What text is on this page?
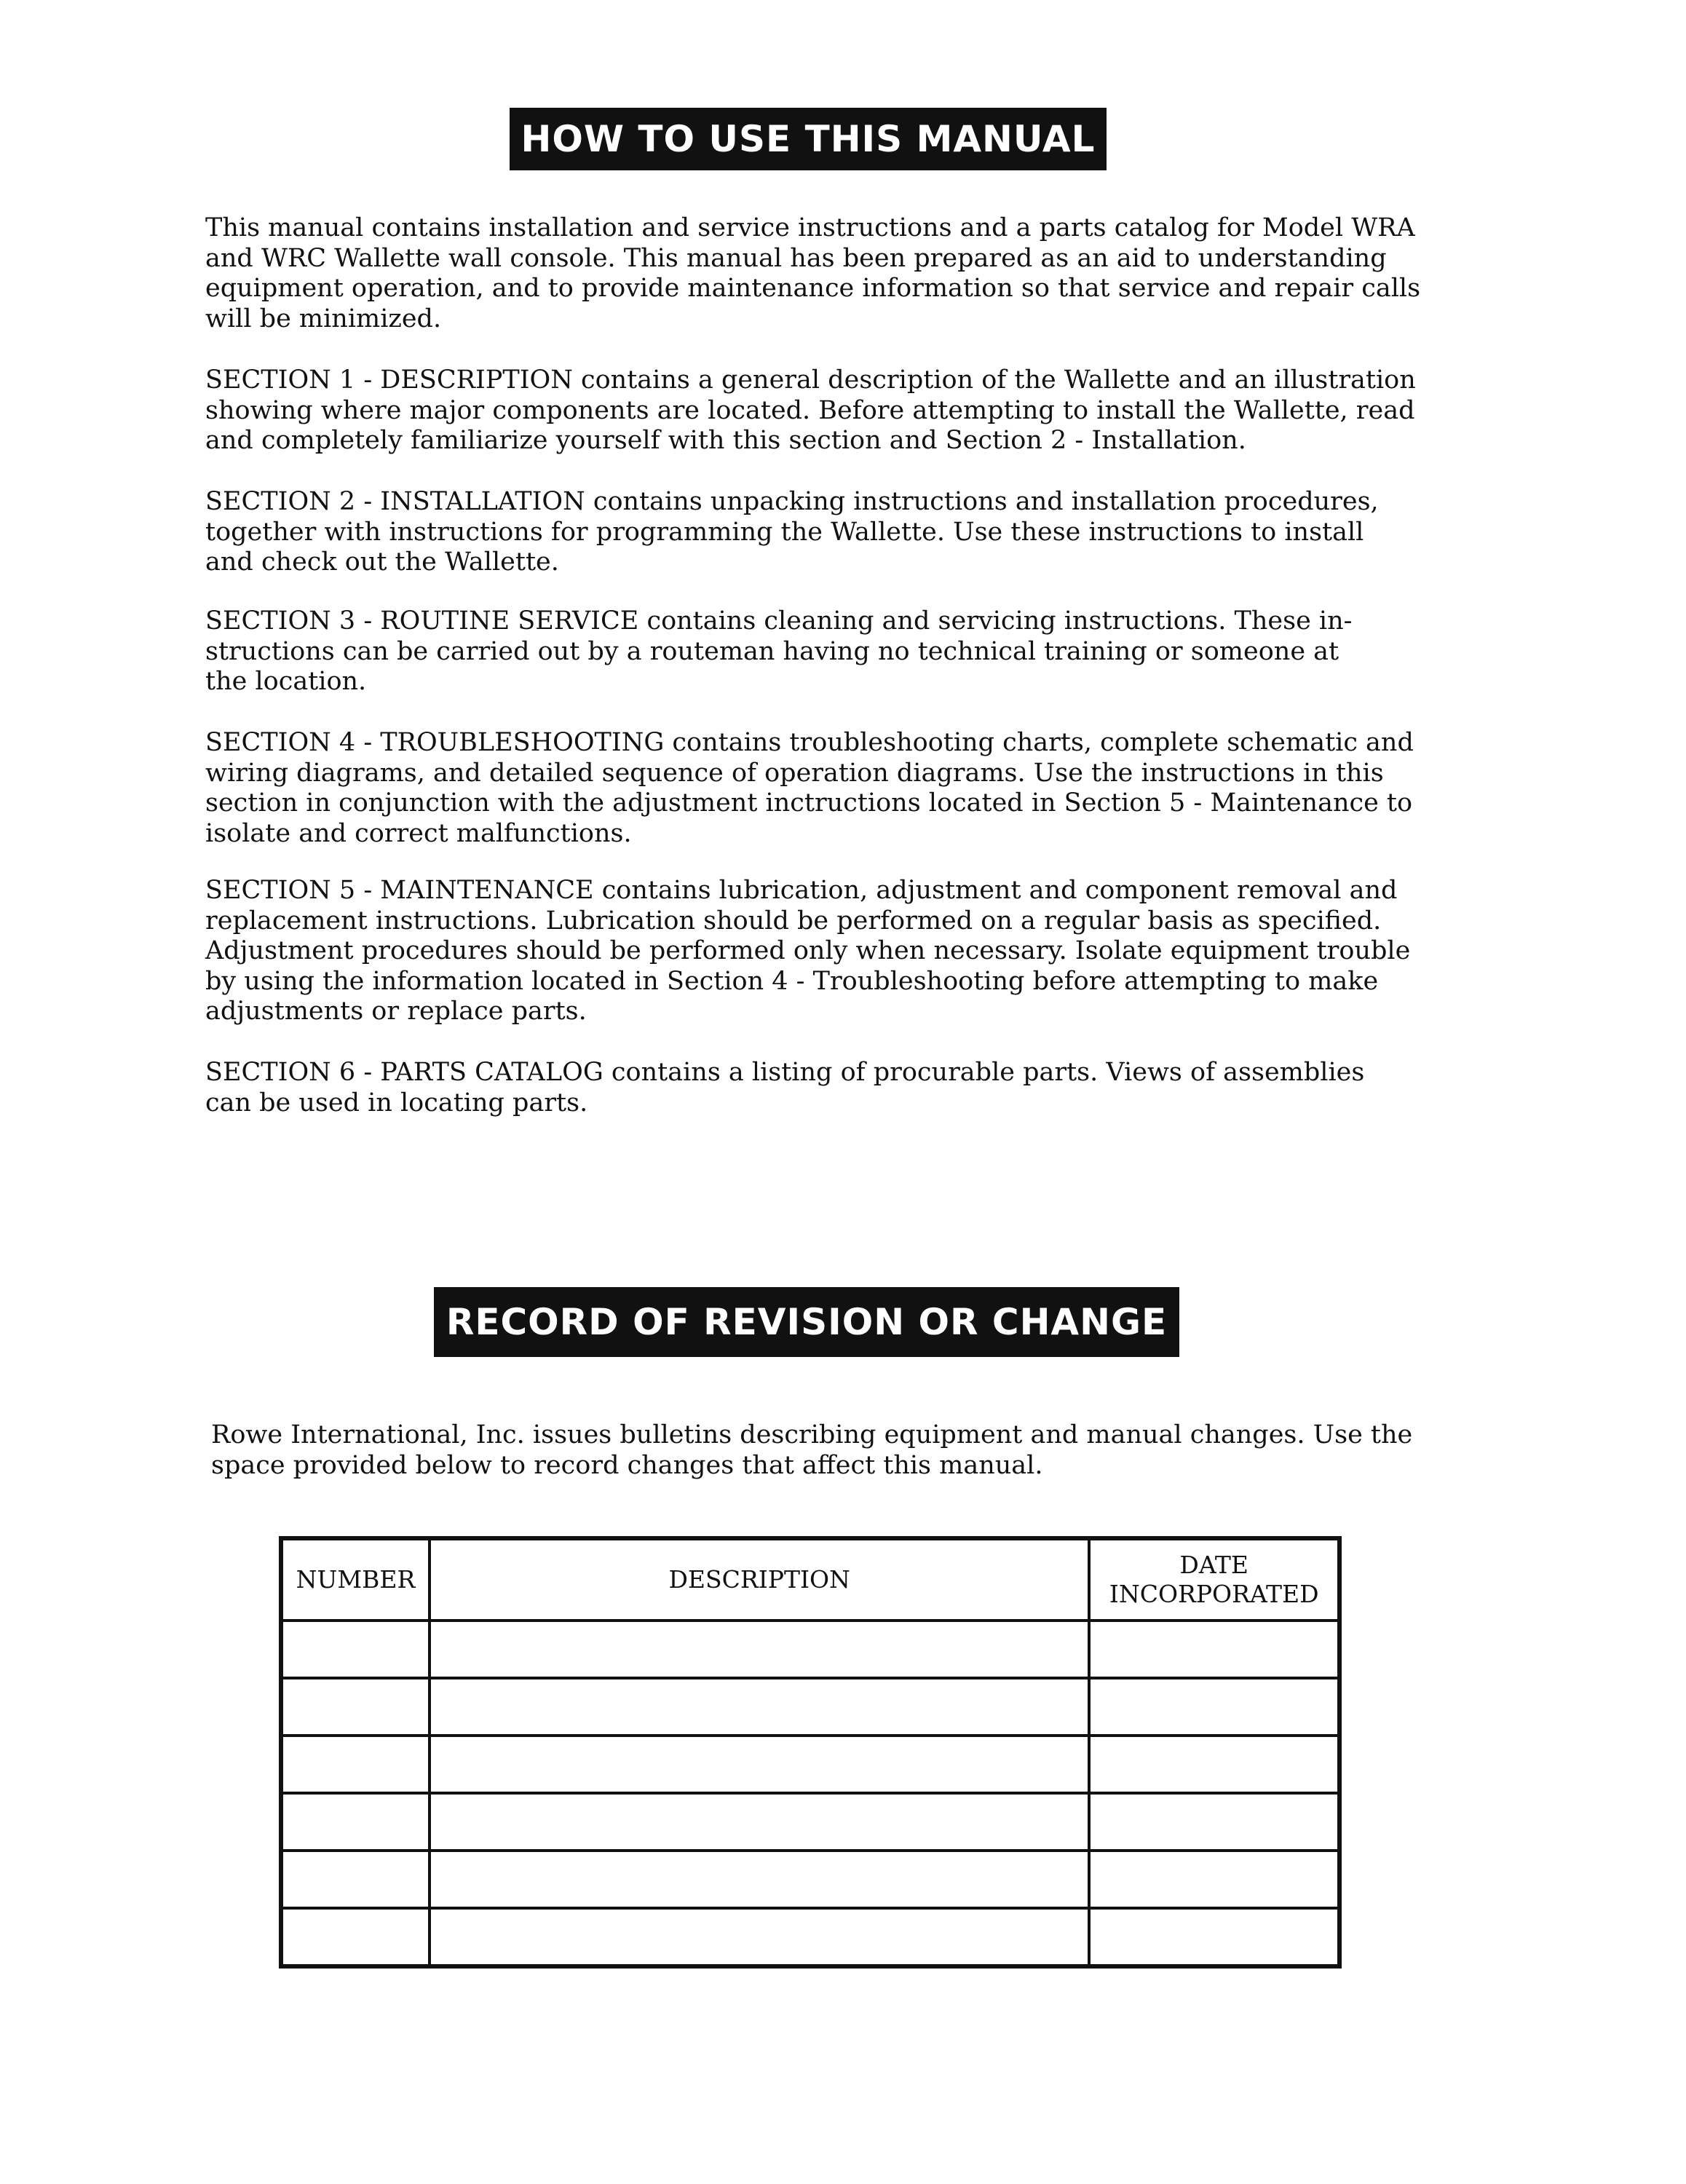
HOW TO USE THIS MANUAL

This manual contains installation and service instructions and a parts catalog for Model WRA
and WRC Wallette wall console. This manual has been prepared as an aid to understanding
equipment operation, and to provide maintenance information so that service and repair calls
will be minimized.

SECTION 1 - DESCRIPTION contains a general description of the Wallette and an illustration
showing where major components are located. Before attempting to install the Wallette, read
and completely familiarize yourself with this section and Section 2 - Installation.

SECTION 2 - INSTALLATION contains unpacking instructions and installation procedures,
together with instructions for programming the Wallette. Use these instructions to install
and check out the Wallette.

SECTION 3 - ROUTINE SERVICE contains cleaning and servicing instructions. These in-
structions can be carried out by a routeman having no technical training or someone at
the location.

SECTION 4 - TROUBLESHOOTING contains troubleshooting charts, complete schematic and
wiring diagrams, and detailed sequence of operation diagrams. Use the instructions in this
section in conjunction with the adjustment inctructions located in Section 5 - Maintenance to
isolate and correct malfunctions.

SECTION 5 - MAINTENANCE contains lubrication, adjustment and component removal and
replacement instructions. Lubrication should be performed on a regular basis as specified.
Adjustment procedures should be performed only when necessary. Isolate equipment trouble
by using the information located in Section 4 - Troubleshooting before attempting to make
adjustments or replace parts.

SECTION 6 - PARTS CATALOG contains a listing of procurable parts. Views of assemblies
can be used in locating parts.

RECORD OF REVISION OR CHANGE

Rowe International, Inc. issues bulletins describing equipment and manual changes. Use the
space provided below to record changes that affect this manual.

NUMBER	DESCRIPTION	DATE
INCORPORATED
